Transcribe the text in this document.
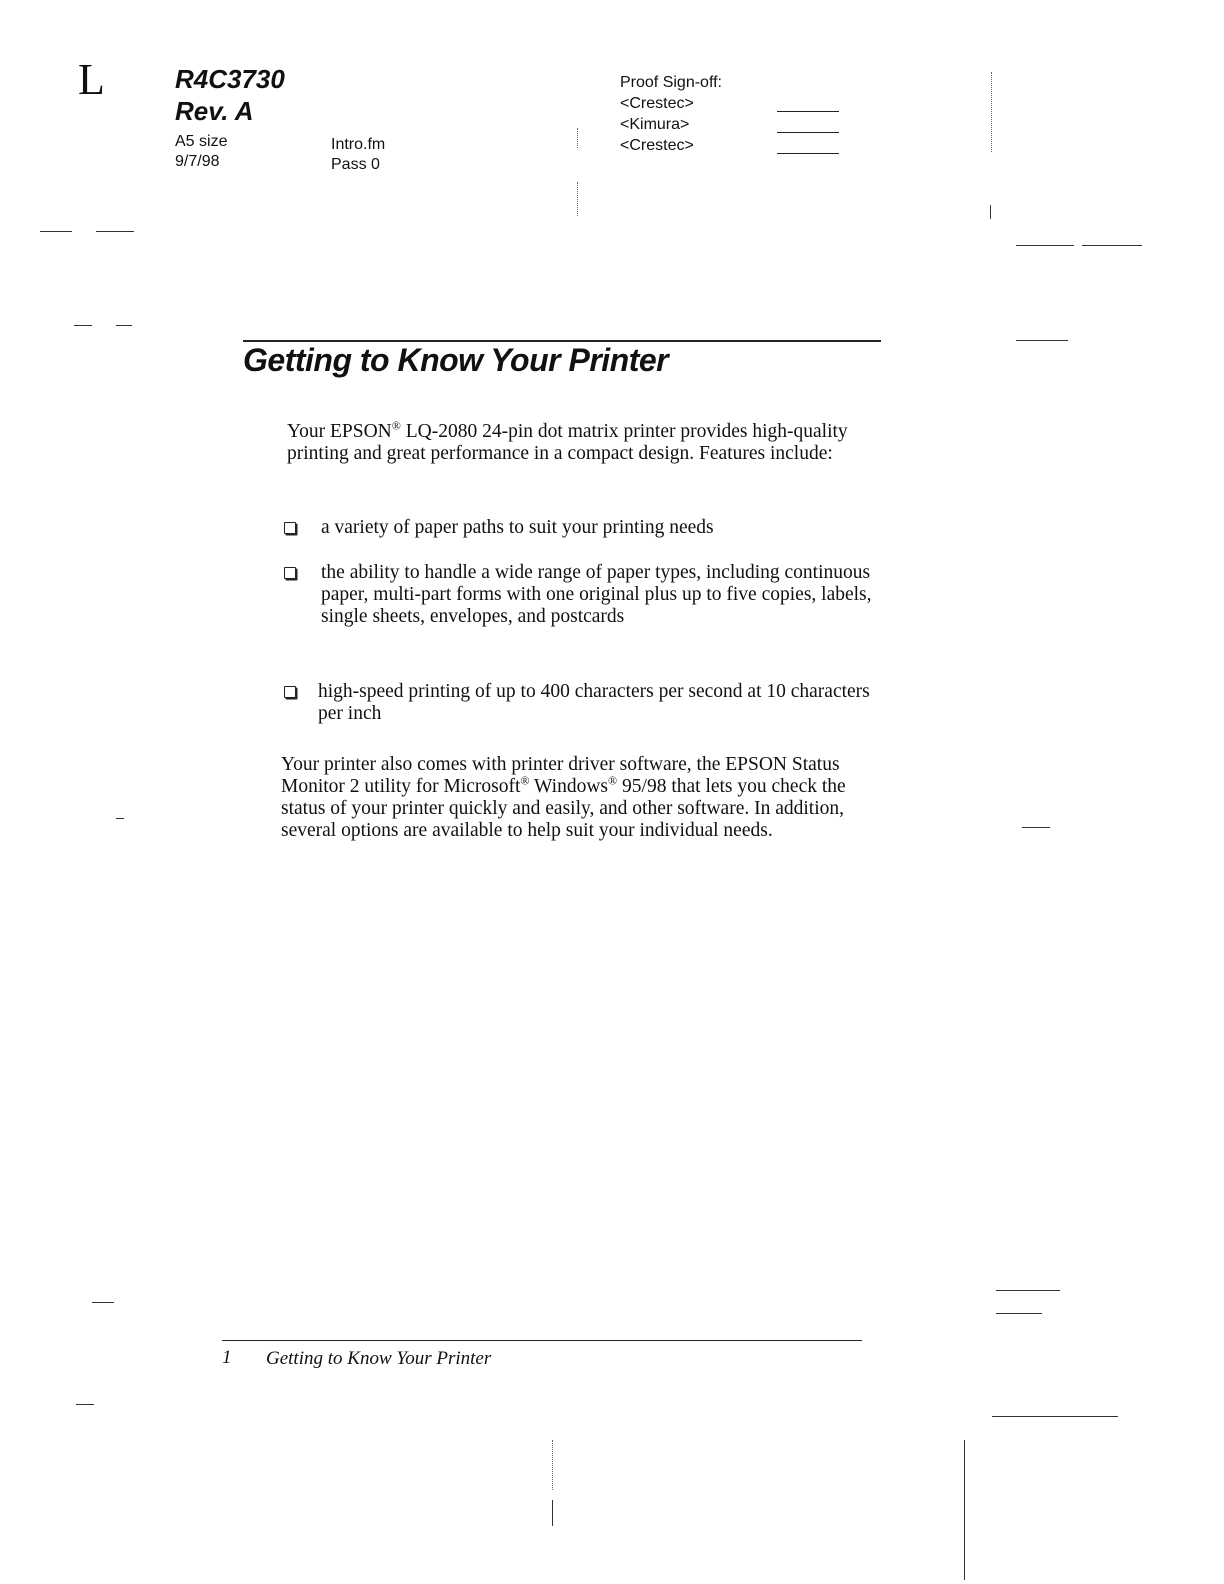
L	R4C3730
Rev. A
A5 size
9/7/98
Intro.fm
Pass 0
Proof Sign-off:
<Crestec>
<Kimura>
<Crestec>
Getting to Know Your Printer
Your EPSON® LQ-2080 24-pin dot matrix printer provides high-quality printing and great performance in a compact design. Features include:
a variety of paper paths to suit your printing needs
the ability to handle a wide range of paper types, including continuous paper, multi-part forms with one original plus up to five copies, labels, single sheets, envelopes, and postcards
high-speed printing of up to 400 characters per second at 10 characters per inch
Your printer also comes with printer driver software, the EPSON Status Monitor 2 utility for Microsoft® Windows® 95/98 that lets you check the status of your printer quickly and easily, and other software. In addition, several options are available to help suit your individual needs.
1 Getting to Know Your Printer
